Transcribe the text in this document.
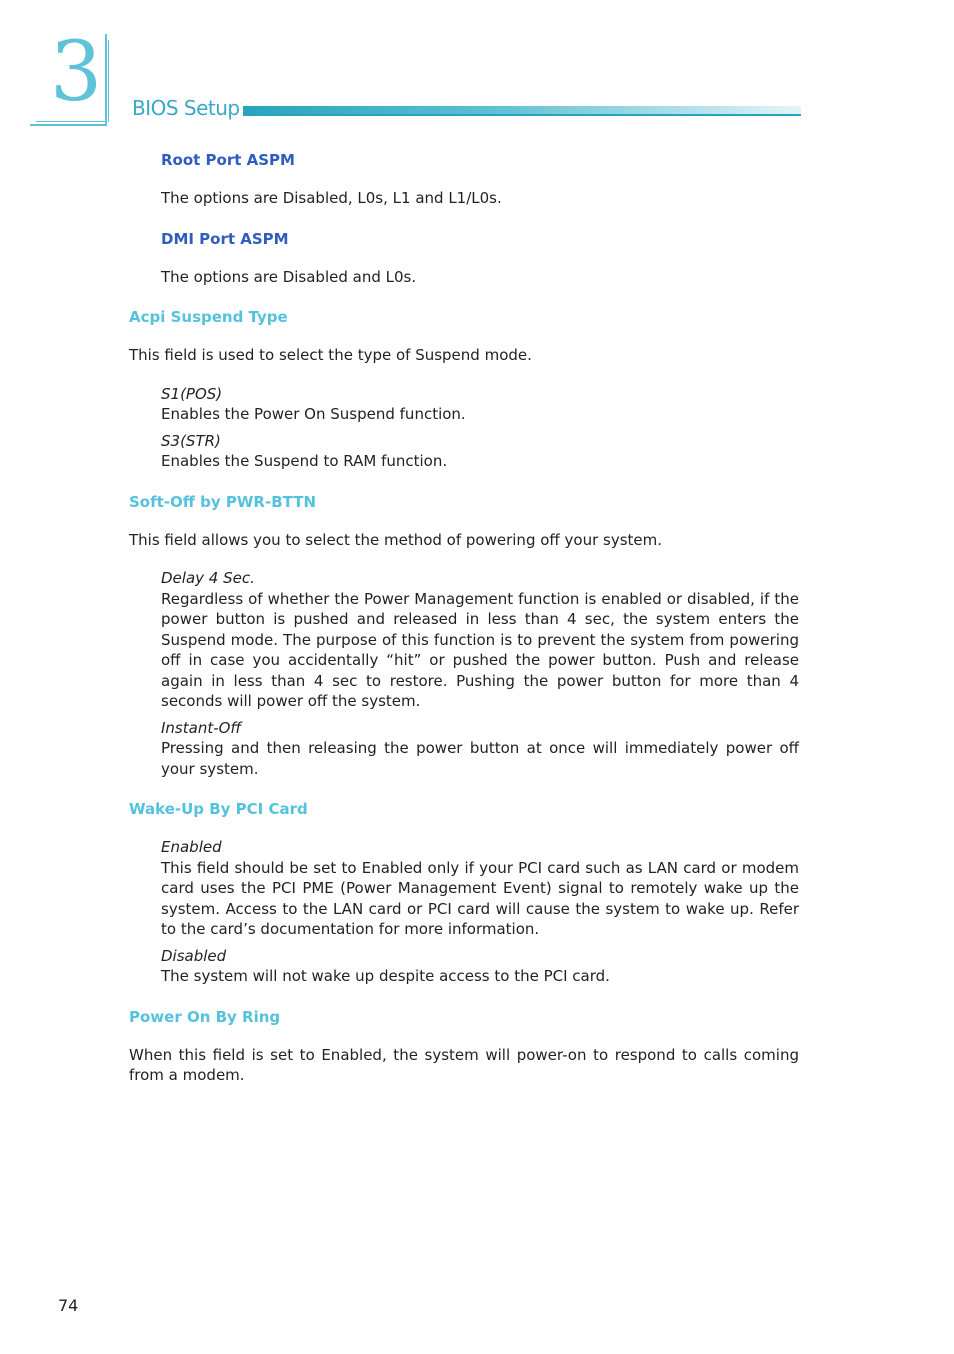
3 BIOS Setup
Root Port ASPM
The options are Disabled, L0s, L1 and L1/L0s.
DMI Port ASPM
The options are Disabled and L0s.
Acpi Suspend Type
This field is used to select the type of Suspend mode.
S1(POS)
Enables the Power On Suspend function.
S3(STR)
Enables the Suspend to RAM function.
Soft-Off by PWR-BTTN
This field allows you to select the method of powering off your system.
Delay 4 Sec.
Regardless of whether the Power Management function is enabled or disabled, if the power button is pushed and released in less than 4 sec, the system enters the Suspend mode. The purpose of this function is to prevent the system from powering off in case you accidentally “hit” or pushed the power button. Push and release again in less than 4 sec to restore. Pushing the power button for more than 4 seconds will power off the system.
Instant-Off
Pressing and then releasing the power button at once will immediately power off your system.
Wake-Up By PCI Card
Enabled
This field should be set to Enabled only if your PCI card such as LAN card or modem card uses the PCI PME (Power Management Event) signal to remotely wake up the system. Access to the LAN card or PCI card will cause the system to wake up. Refer to the card’s documentation for more information.
Disabled
The system will not wake up despite access to the PCI card.
Power On By Ring
When this field is set to Enabled, the system will power-on to respond to calls coming from a modem.
74
